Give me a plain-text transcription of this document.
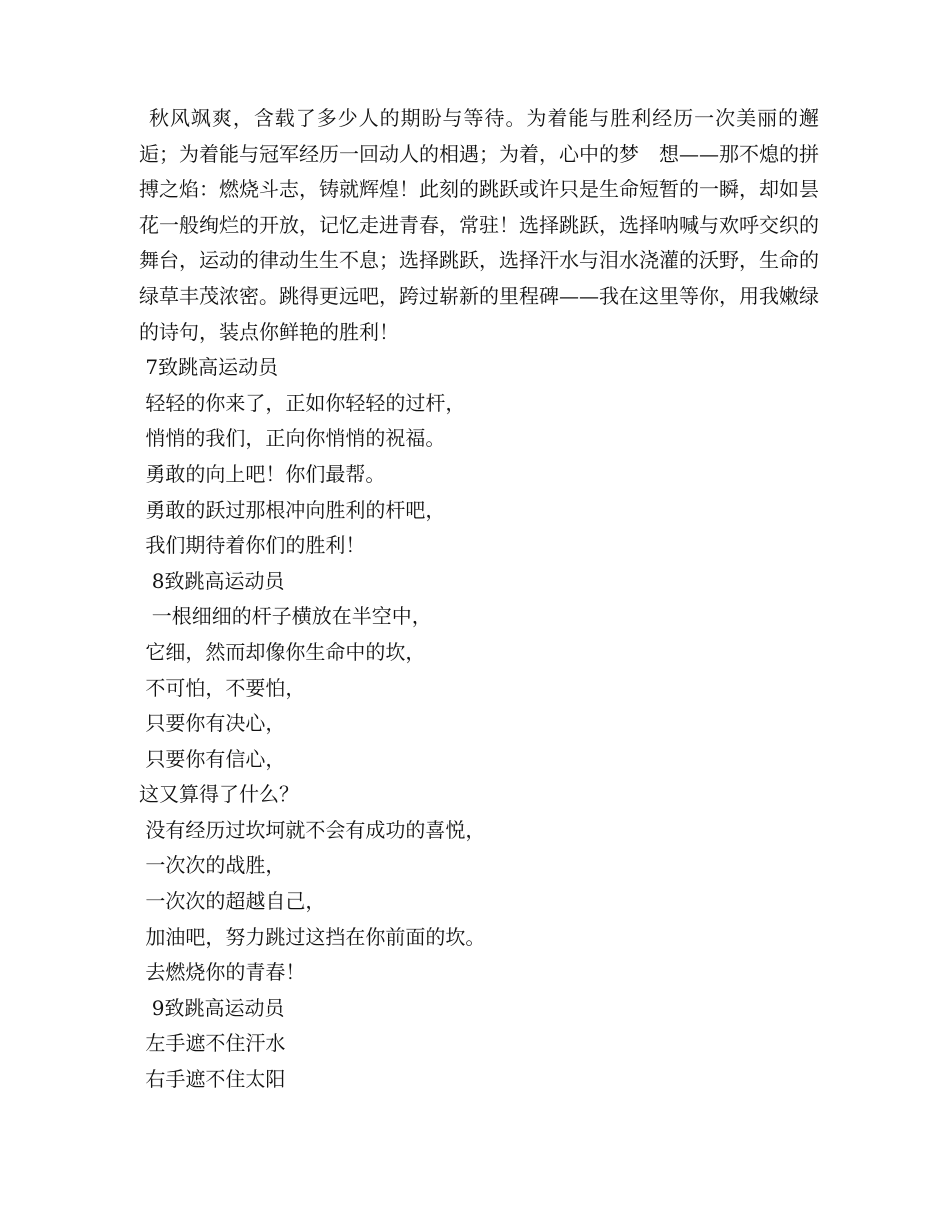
秋风飒爽，含载了多少人的期盼与等待。为着能与胜利经历一次美丽的邂逅；为着能与冠军经历一回动人的相遇；为着，心中的梦　想——那不熄的拼搏之焰：燃烧斗志，铸就辉煌！此刻的跳跃或许只是生命短暂的一瞬，却如昙花一般绚烂的开放，记忆走进青春，常驻！选择跳跃，选择呐喊与欢呼交织的舞台，运动的律动生生不息；选择跳跃，选择汗水与泪水浇灌的沃野，生命的绿草丰茂浓密。跳得更远吧，跨过崭新的里程碑——我在这里等你，用我嫩绿的诗句，装点你鲜艳的胜利！

7致跳高运动员

轻轻的你来了，正如你轻轻的过杆，

悄悄的我们，正向你悄悄的祝福。

勇敢的向上吧！你们最帮。

勇敢的跃过那根冲向胜利的杆吧，

我们期待着你们的胜利！

8致跳高运动员

一根细细的杆子横放在半空中，

它细，然而却像你生命中的坎，

不可怕，不要怕，

只要你有决心，

只要你有信心，

这又算得了什么？

没有经历过坎坷就不会有成功的喜悦，

一次次的战胜，

一次次的超越自己，

加油吧，努力跳过这挡在你前面的坎。

去燃烧你的青春！

9致跳高运动员

左手遮不住汗水

右手遮不住太阳
